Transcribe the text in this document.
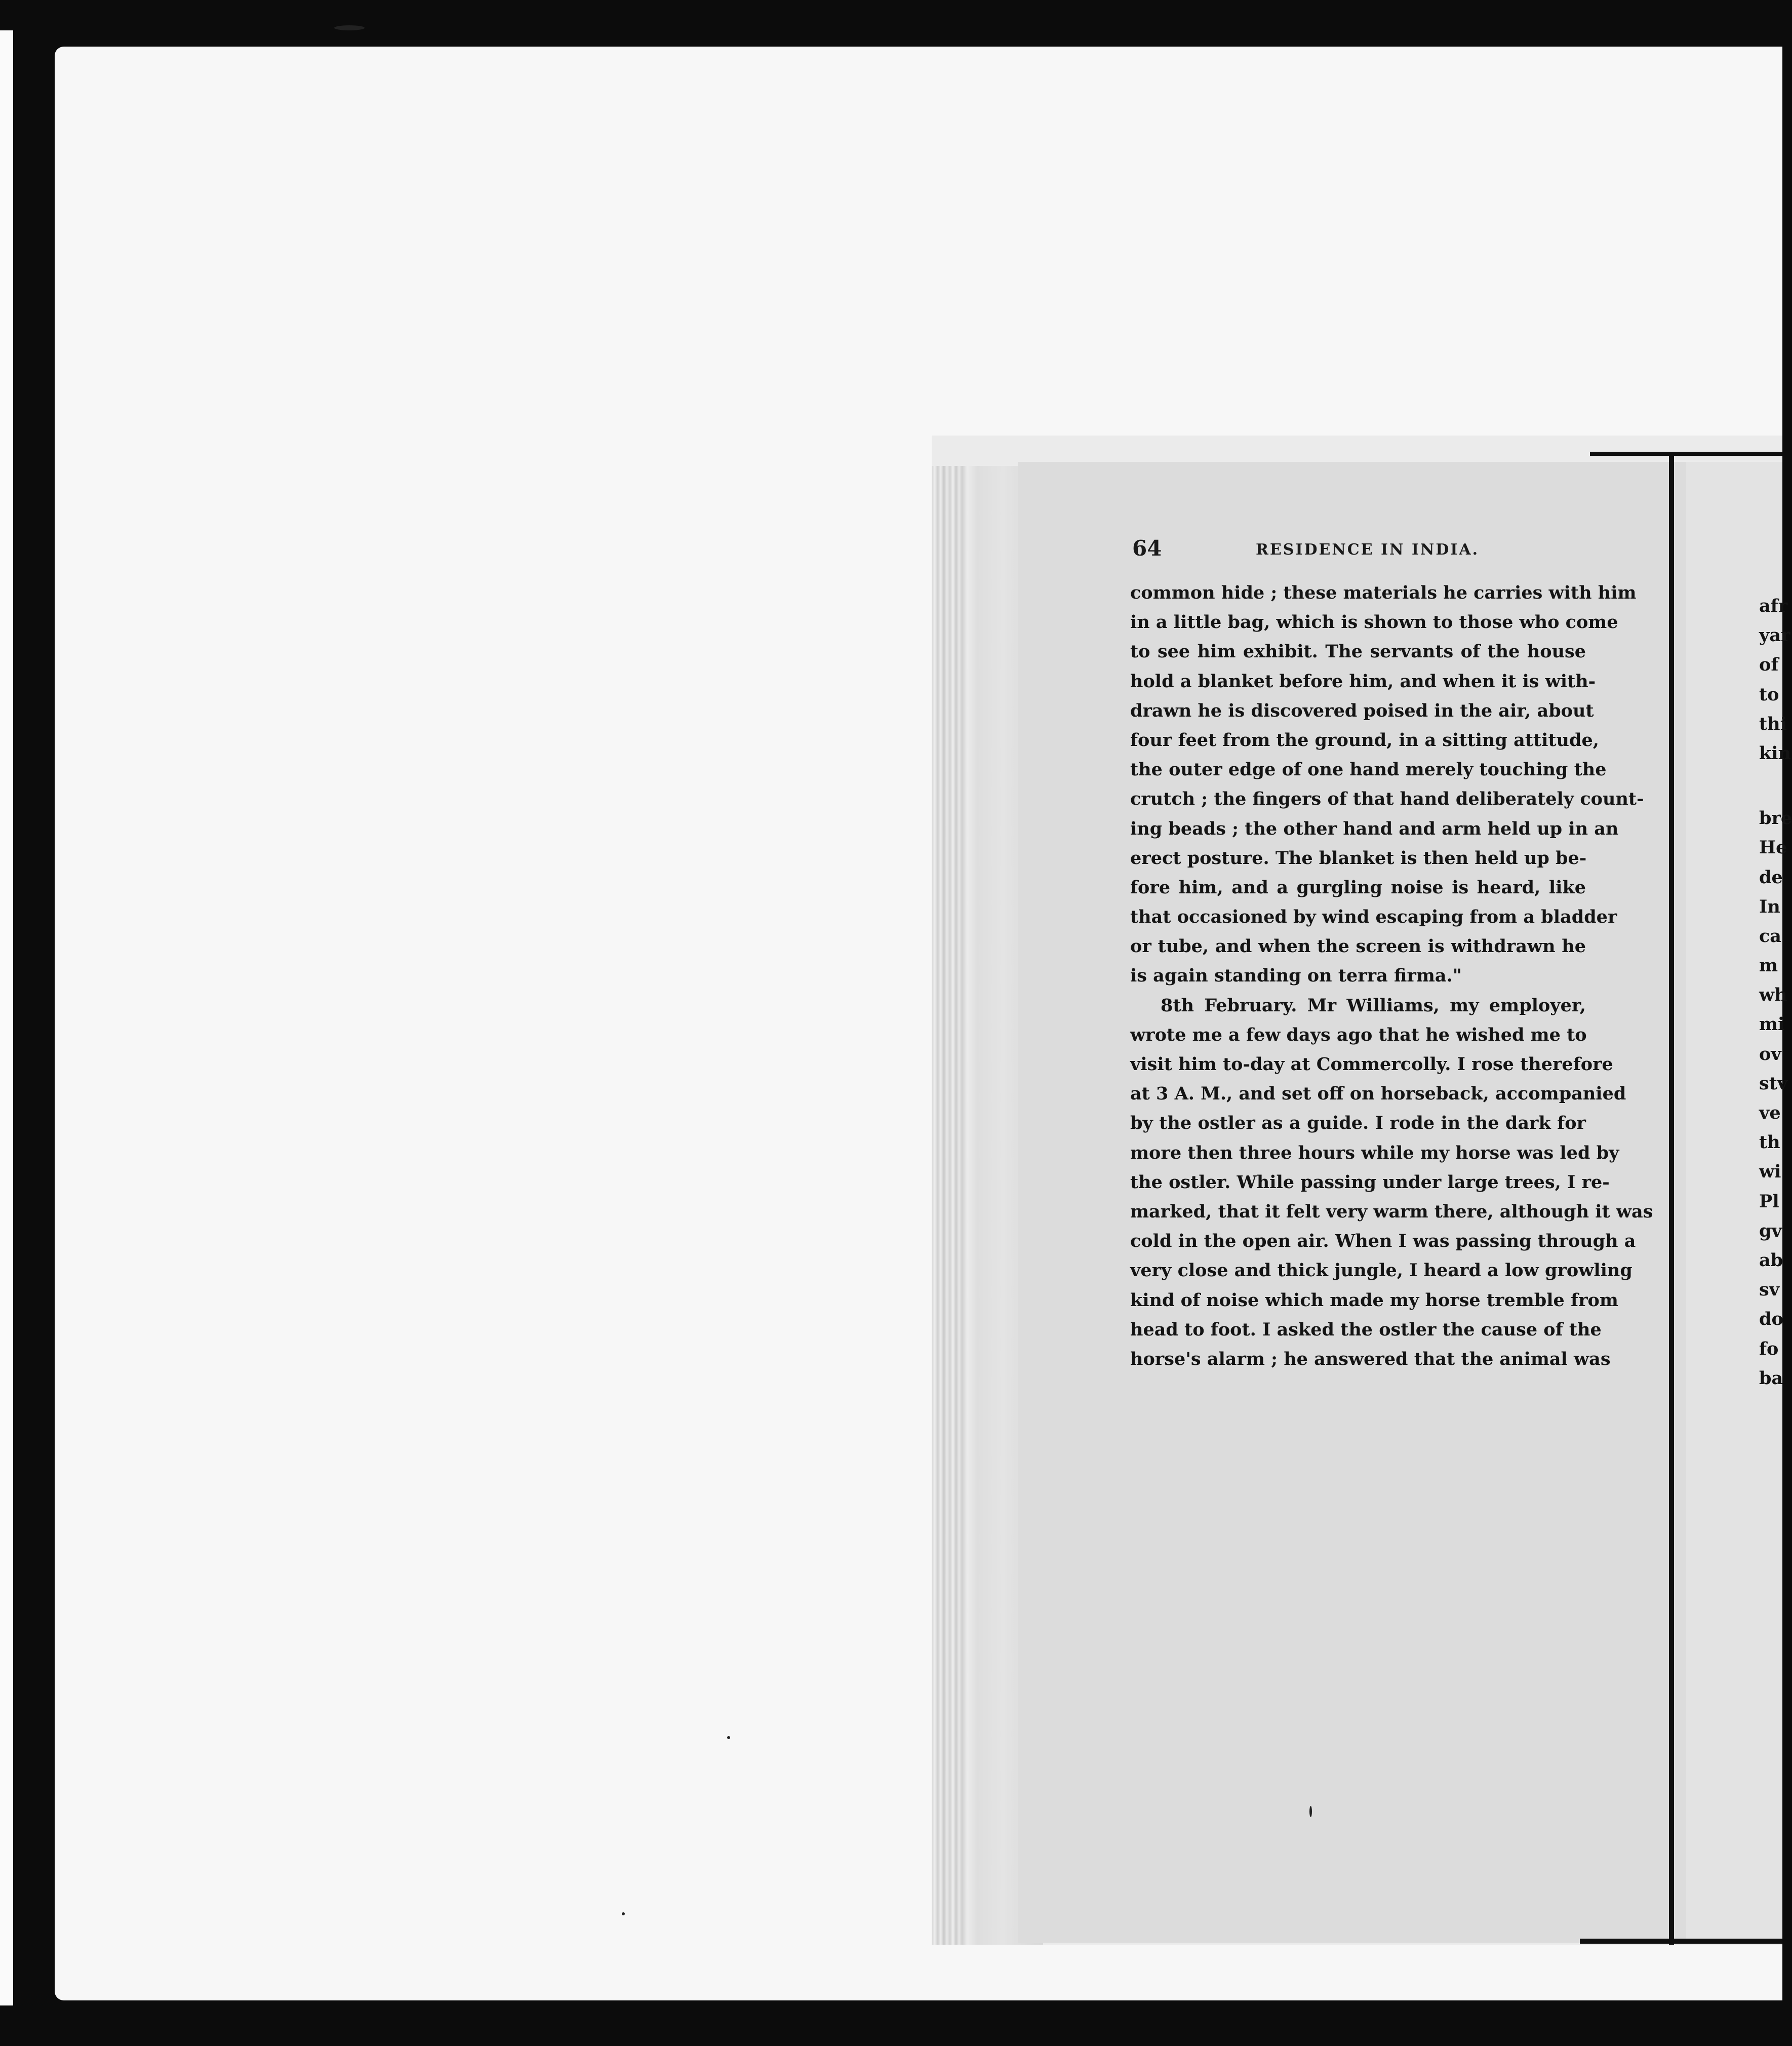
64	RESIDENCE IN INDIA.
common hide ; these materials he carries with him
in a little bag, which is shown to those who come
to see him exhibit. The servants of the house
hold a blanket before him, and when it is with-
drawn he is discovered poised in the air, about
four feet from the ground, in a sitting attitude,
the outer edge of one hand merely touching the
crutch ; the fingers of that hand deliberately count-
ing beads ; the other hand and arm held up in an
erect posture. The blanket is then held up be-
fore him, and a gurgling noise is heard, like
that occasioned by wind escaping from a bladder
or tube, and when the screen is withdrawn he
is again standing on terra firma."
8th February. Mr Williams, my employer,
wrote me a few days ago that he wished me to
visit him to-day at Commercolly. I rose therefore
at 3 A. M., and set off on horseback, accompanied
by the ostler as a guide. I rode in the dark for
more then three hours while my horse was led by
the ostler. While passing under large trees, I re-
marked, that it felt very warm there, although it was
cold in the open air. When I was passing through a
very close and thick jungle, I heard a low growling
kind of noise which made my horse tremble from
head to foot. I asked the ostler the cause of the
horse's alarm ; he answered that the animal was
afr
yar
of
to
thi
kin
bre
He
de
In
ca
m
wh
mi
ov
stv
ve
th
wi
Pl
gv
ab
sv
do
fo
ba
